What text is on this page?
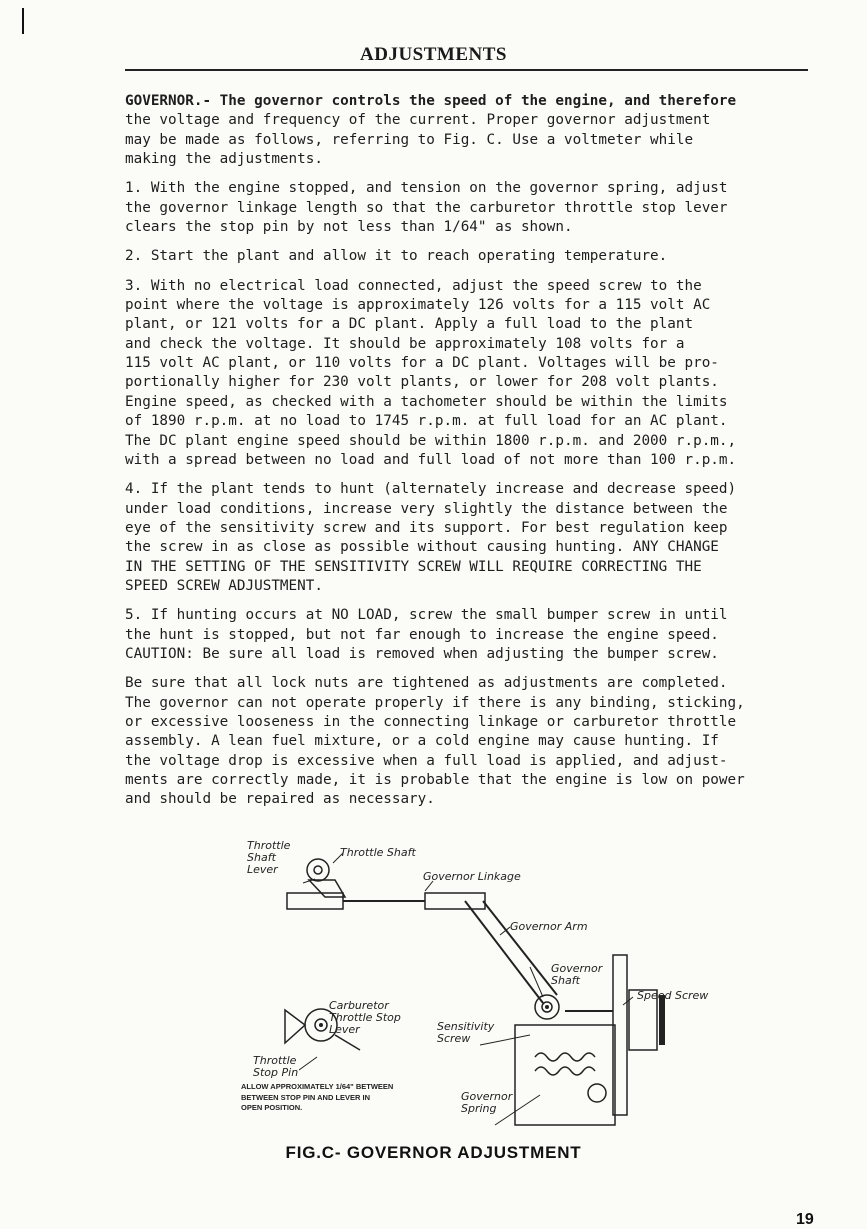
ADJUSTMENTS

GOVERNOR.- The governor controls the speed of the engine, and therefore
the voltage and frequency of the current. Proper governor adjustment
may be made as follows, referring to Fig. C. Use a voltmeter while
making the adjustments.

1. With the engine stopped, and tension on the governor spring, adjust
the governor linkage length so that the carburetor throttle stop lever
clears the stop pin by not less than 1/64" as shown.

2. Start the plant and allow it to reach operating temperature.

3. With no electrical load connected, adjust the speed screw to the
point where the voltage is approximately 126 volts for a 115 volt AC
plant, or 121 volts for a DC plant. Apply a full load to the plant
and check the voltage. It should be approximately 108 volts for a
115 volt AC plant, or 110 volts for a DC plant. Voltages will be pro-
portionally higher for 230 volt plants, or lower for 208 volt plants.
Engine speed, as checked with a tachometer should be within the limits
of 1890 r.p.m. at no load to 1745 r.p.m. at full load for an AC plant.
The DC plant engine speed should be within 1800 r.p.m. and 2000 r.p.m.,
with a spread between no load and full load of not more than 100 r.p.m.

4. If the plant tends to hunt (alternately increase and decrease speed)
under load conditions, increase very slightly the distance between the
eye of the sensitivity screw and its support. For best regulation keep
the screw in as close as possible without causing hunting. ANY CHANGE
IN THE SETTING OF THE SENSITIVITY SCREW WILL REQUIRE CORRECTING THE
SPEED SCREW ADJUSTMENT.

5. If hunting occurs at NO LOAD, screw the small bumper screw in until
the hunt is stopped, but not far enough to increase the engine speed.
CAUTION: Be sure all load is removed when adjusting the bumper screw.

Be sure that all lock nuts are tightened as adjustments are completed.
The governor can not operate properly if there is any binding, sticking,
or excessive looseness in the connecting linkage or carburetor throttle
assembly. A lean fuel mixture, or a cold engine may cause hunting. If
the voltage drop is excessive when a full load is applied, and adjust-
ments are correctly made, it is probable that the engine is low on power
and should be repaired as necessary.

Throttle
Shaft
Lever
Throttle Shaft
Governor Linkage
Governor Arm
Governor
Shaft
Speed Screw
Carburetor
Throttle Stop
Lever	Sensitivity
Screw
Throttle
Stop Pin
Governor
Spring
ALLOW APPROXIMATELY 1/64" BETWEEN
BETWEEN STOP PIN AND LEVER IN
OPEN POSITION.
FIG.C- GOVERNOR ADJUSTMENT
19
